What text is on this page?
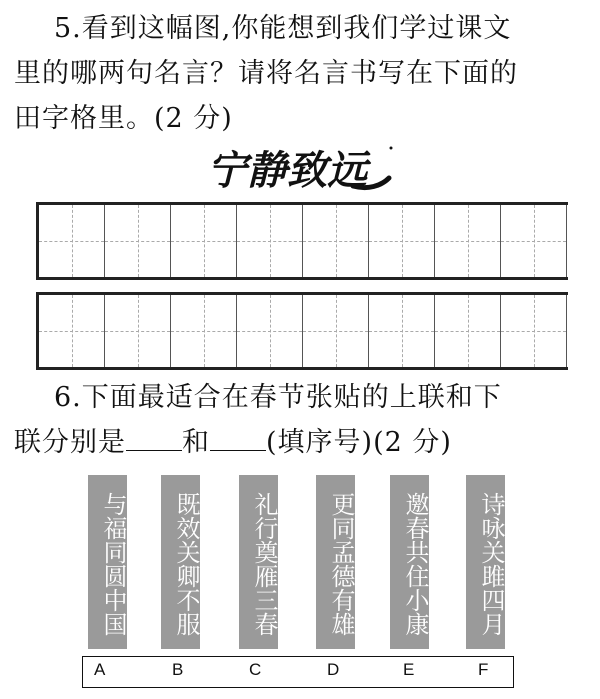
5.看到这幅图,你能想到我们学过课文
里的哪两句名言？请将名言书写在下面的
田字格里。(2 分)
宁静致远
6.下面最适合在春节张贴的上联和下
联分别是 和 (填序号)(2 分)
与福同圆中国	既效关卿不服	礼行奠雁三春	更同孟德有雄	邀春共住小康	诗咏关雎四月
A	B	C	D	E	F
